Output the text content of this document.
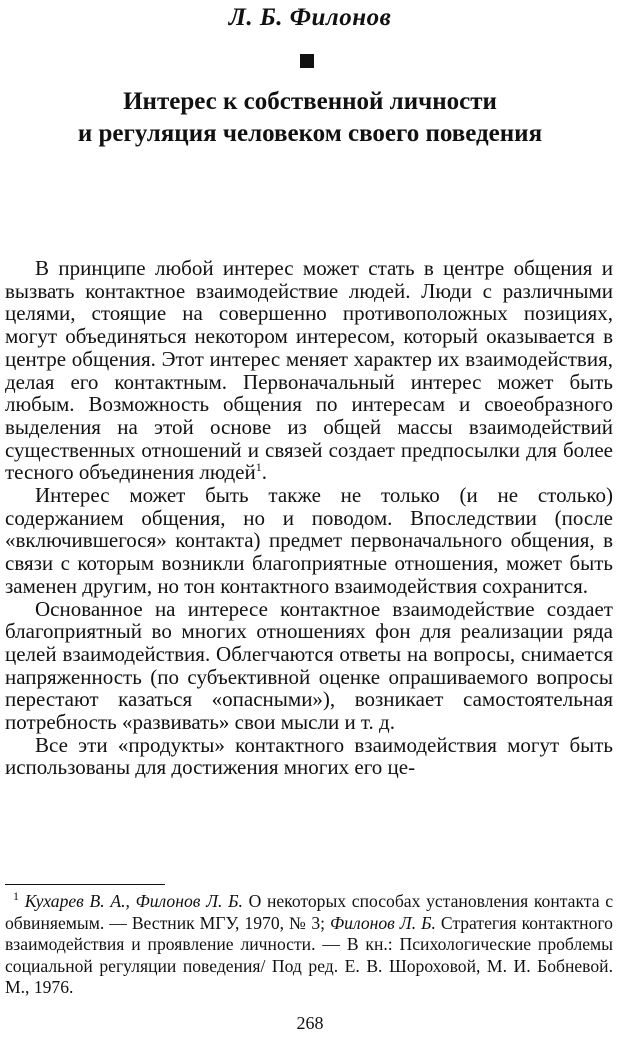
Л. Б. Филонов
Интерес к собственной личности
и регуляция человеком своего поведения

В принципе любой интерес может стать в центре общения и вызвать контактное взаимодействие людей. Люди с различными целями, стоящие на совершенно противоположных позициях, могут объединяться некотором интересом, который оказывается в центре общения. Этот интерес меняет характер их взаимодействия, делая его контактным. Первоначальный интерес может быть любым. Возможность общения по интересам и своеобразного выделения на этой основе из общей массы взаимодействий существенных отношений и связей создает предпосылки для более тесного объединения людей$^1$.

Интерес может быть также не только (и не столько) содержанием общения, но и поводом. Впоследствии (после «включившегося» контакта) предмет первоначального общения, в связи с которым возникли благоприятные отношения, может быть заменен другим, но тон контактного взаимодействия сохранится.

Основанное на интересе контактное взаимодействие создает благоприятный во многих отношениях фон для реализации ряда целей взаимодействия. Облегчаются ответы на вопросы, снимается напряженность (по субъективной оценке опрашиваемого вопросы перестают казаться «опасными»), возникает самостоятельная потребность «развивать» свои мысли и т. д.

Все эти «продукты» контактного взаимодействия могут быть использованы для достижения многих его це-

$^1$ Кухарев В. А., Филонов Л. Б. О некоторых способах установления контакта с обвиняемым. — Вестник МГУ, 1970, № 3; Филонов Л. Б. Стратегия контактного взаимодействия и проявление личности. — В кн.: Психологические проблемы социальной регуляции поведения/ Под ред. Е. В. Шороховой, М. И. Бобневой. М., 1976.
268
